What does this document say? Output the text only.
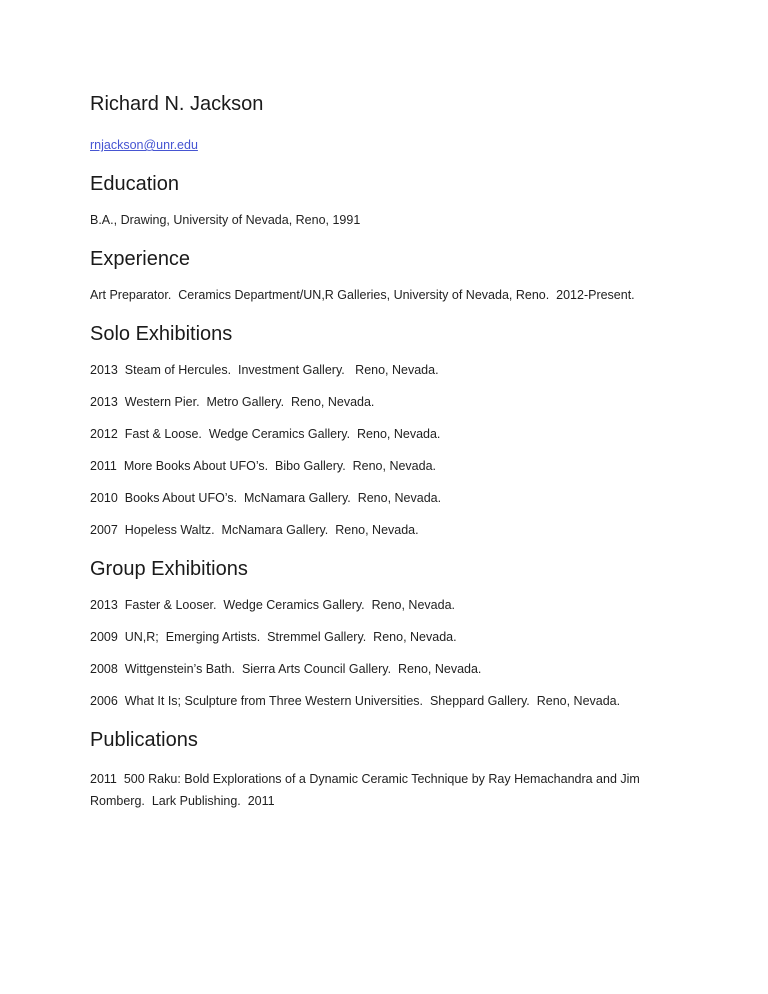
Richard N. Jackson

rnjackson@unr.edu

Education

B.A., Drawing, University of Nevada, Reno, 1991

Experience

Art Preparator.  Ceramics Department/UN,R Galleries, University of Nevada, Reno.  2012-Present.

Solo Exhibitions

2013  Steam of Hercules.  Investment Gallery.   Reno, Nevada.

2013  Western Pier.  Metro Gallery.  Reno, Nevada.

2012  Fast & Loose.  Wedge Ceramics Gallery.  Reno, Nevada.

2011  More Books About UFO’s.  Bibo Gallery.  Reno, Nevada.

2010  Books About UFO’s.  McNamara Gallery.  Reno, Nevada.

2007  Hopeless Waltz.  McNamara Gallery.  Reno, Nevada.

Group Exhibitions

2013  Faster & Looser.  Wedge Ceramics Gallery.  Reno, Nevada.

2009  UN,R;  Emerging Artists.  Stremmel Gallery.  Reno, Nevada.

2008  Wittgenstein’s Bath.  Sierra Arts Council Gallery.  Reno, Nevada.

2006  What It Is; Sculpture from Three Western Universities.  Sheppard Gallery.  Reno, Nevada.

Publications

2011  500 Raku: Bold Explorations of a Dynamic Ceramic Technique by Ray Hemachandra and Jim Romberg.  Lark Publishing.  2011
